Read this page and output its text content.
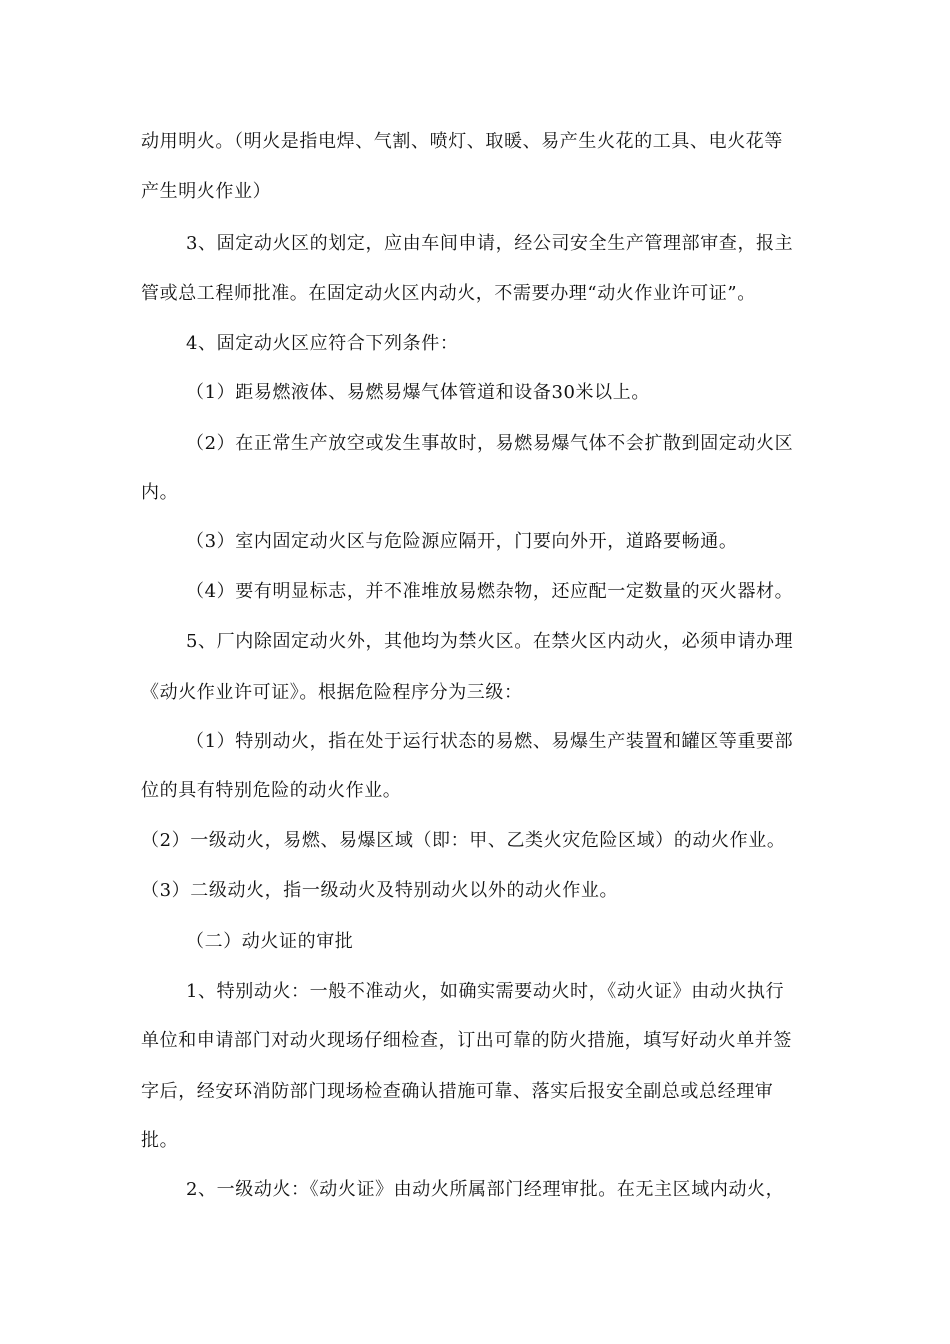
动用明火。（明火是指电焊、气割、喷灯、取暖、易产生火花的工具、电火花等
产生明火作业）
3、固定动火区的划定，应由车间申请，经公司安全生产管理部审查，报主
管或总工程师批准。在固定动火区内动火，不需要办理“动火作业许可证”。
4、固定动火区应符合下列条件：
（1）距易燃液体、易燃易爆气体管道和设备30米以上。
（2）在正常生产放空或发生事故时，易燃易爆气体不会扩散到固定动火区
内。
（3）室内固定动火区与危险源应隔开，门要向外开，道路要畅通。
（4）要有明显标志，并不准堆放易燃杂物，还应配一定数量的灭火器材。
5、厂内除固定动火外，其他均为禁火区。在禁火区内动火，必须申请办理
《动火作业许可证》。根据危险程序分为三级：
（1）特别动火，指在处于运行状态的易燃、易爆生产装置和罐区等重要部
位的具有特别危险的动火作业。
（2）一级动火，易燃、易爆区域（即：甲、乙类火灾危险区域）的动火作业。
（3）二级动火，指一级动火及特别动火以外的动火作业。
（二）动火证的审批
1、特别动火：一般不准动火，如确实需要动火时，《动火证》由动火执行
单位和申请部门对动火现场仔细检查，订出可靠的防火措施，填写好动火单并签
字后，经安环消防部门现场检查确认措施可靠、落实后报安全副总或总经理审
批。
2、一级动火：《动火证》由动火所属部门经理审批。在无主区域内动火，
